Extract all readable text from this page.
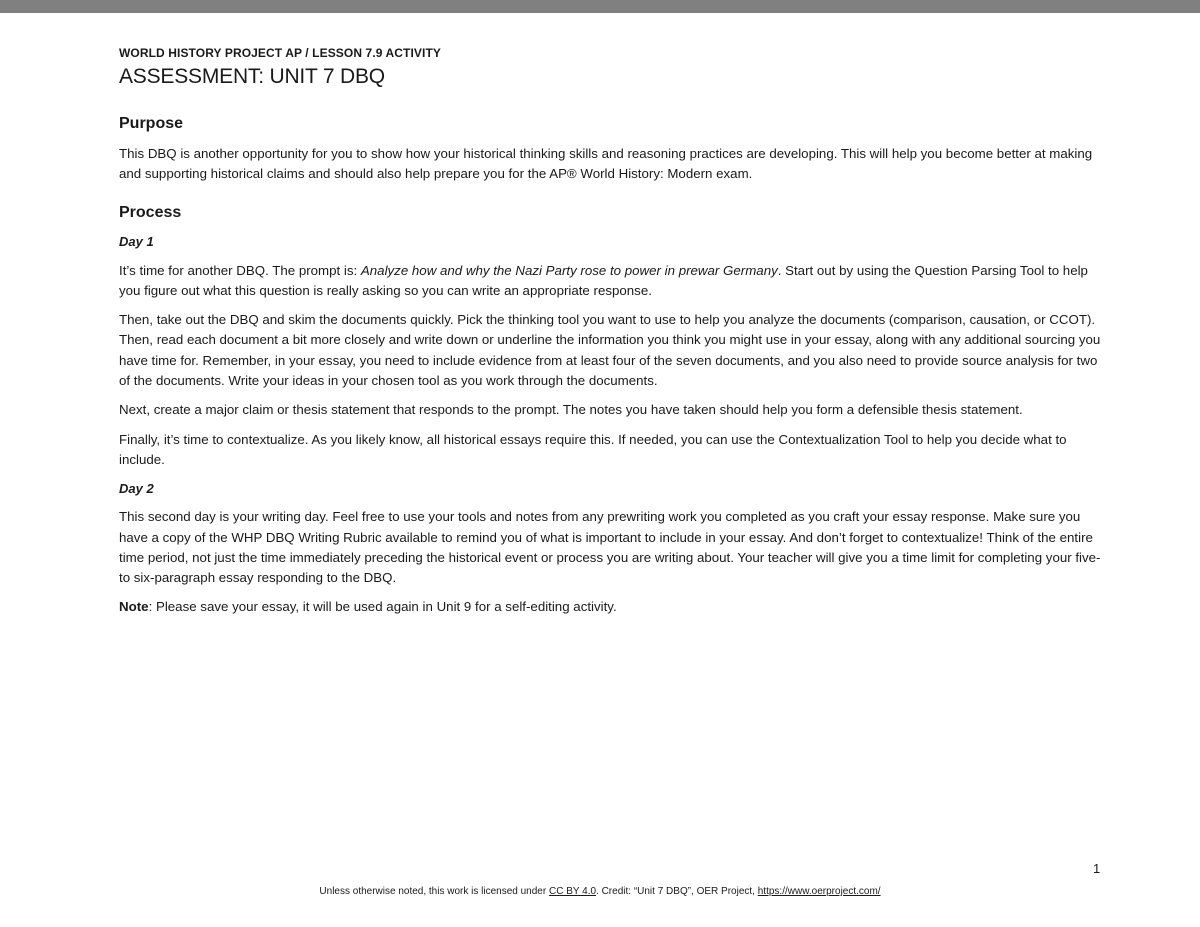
WORLD HISTORY PROJECT AP / LESSON 7.9 ACTIVITY
ASSESSMENT: UNIT 7 DBQ
Purpose

This DBQ is another opportunity for you to show how your historical thinking skills and reasoning practices are developing. This will help you become better at making and supporting historical claims and should also help prepare you for the AP® World History: Modern exam.

Process
Day 1

It’s time for another DBQ. The prompt is: Analyze how and why the Nazi Party rose to power in prewar Germany. Start out by using the Question Parsing Tool to help you figure out what this question is really asking so you can write an appropriate response.

Then, take out the DBQ and skim the documents quickly. Pick the thinking tool you want to use to help you analyze the documents (comparison, causation, or CCOT). Then, read each document a bit more closely and write down or underline the information you think you might use in your essay, along with any additional sourcing you have time for. Remember, in your essay, you need to include evidence from at least four of the seven documents, and you also need to provide source analysis for two of the documents. Write your ideas in your chosen tool as you work through the documents.

Next, create a major claim or thesis statement that responds to the prompt. The notes you have taken should help you form a defensible thesis statement.

Finally, it’s time to contextualize. As you likely know, all historical essays require this. If needed, you can use the Contextualization Tool to help you decide what to include.

Day 2

This second day is your writing day. Feel free to use your tools and notes from any prewriting work you completed as you craft your essay response. Make sure you have a copy of the WHP DBQ Writing Rubric available to remind you of what is important to include in your essay. And don’t forget to contextualize! Think of the entire time period, not just the time immediately preceding the historical event or process you are writing about. Your teacher will give you a time limit for completing your five- to six-paragraph essay responding to the DBQ.

Note: Please save your essay, it will be used again in Unit 9 for a self-editing activity.

Unless otherwise noted, this work is licensed under CC BY 4.0. Credit: “Unit 7 DBQ”, OER Project, https://www.oerproject.com/
1
